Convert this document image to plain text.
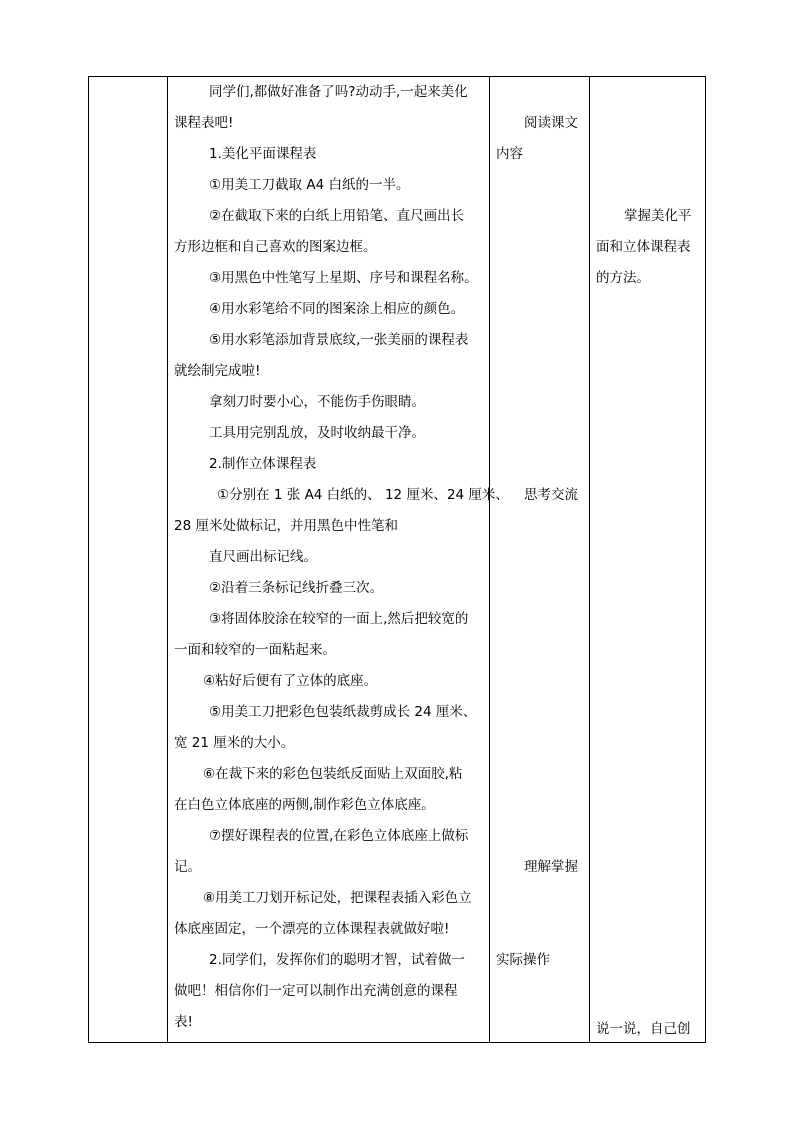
同学们,都做好准备了吗?动动手,一起来美化
课程表吧!
1.美化平面课程表
①用美工刀截取 A4 白纸的一半。
②在截取下来的白纸上用铅笔、直尺画出长
方形边框和自己喜欢的图案边框。
③用黑色中性笔写上星期、序号和课程名称。
④用水彩笔给不同的图案涂上相应的颜色。
⑤用水彩笔添加背景底纹,一张美丽的课程表
就绘制完成啦!
拿刻刀时要小心，不能伤手伤眼睛。
工具用完别乱放，及时收纳最干净。
2.制作立体课程表
①分别在 1 张 A4 白纸的、 12 厘米、24 厘米、
28 厘米处做标记，并用黑色中性笔和
直尺画出标记线。
②沿着三条标记线折叠三次。
③将固体胶涂在较窄的一面上,然后把较宽的
一面和较窄的一面粘起来。
④粘好后便有了立体的底座。
⑤用美工刀把彩色包装纸裁剪成长 24 厘米、
宽 21 厘米的大小。
⑥在裁下来的彩色包装纸反面贴上双面胶,粘
在白色立体底座的两侧,制作彩色立体底座。
⑦摆好课程表的位置,在彩色立体底座上做标
记。
⑧用美工刀划开标记处，把课程表插入彩色立
体底座固定，一个漂亮的立体课程表就做好啦!
2.同学们，发挥你们的聪明才智，试着做一
做吧！相信你们一定可以制作出充满创意的课程
表!
阅读课文
内容
思考交流
理解掌握
实际操作
掌握美化平
面和立体课程表
的方法。
说一说，自己创
